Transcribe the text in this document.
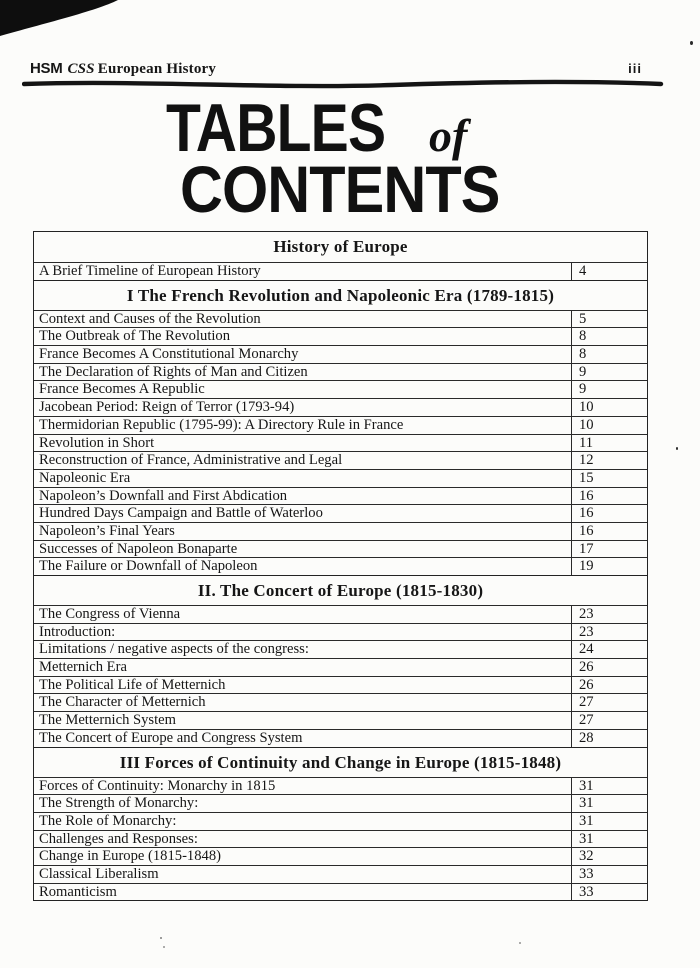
HSM CSS European History	iii
TABLES of
CONTENTS
History of Europe
A Brief Timeline of European History	4
I The French Revolution and Napoleonic Era (1789-1815)
Context and Causes of the Revolution	5
The Outbreak of The Revolution	8
France Becomes A Constitutional Monarchy	8
The Declaration of Rights of Man and Citizen	9
France Becomes A Republic	9
Jacobean Period: Reign of Terror (1793-94)	10
Thermidorian Republic (1795-99): A Directory Rule in France	10
Revolution in Short	11
Reconstruction of France, Administrative and Legal	12
Napoleonic Era	15
Napoleon’s Downfall and First Abdication	16
Hundred Days Campaign and Battle of Waterloo	16
Napoleon’s Final Years	16
Successes of Napoleon Bonaparte	17
The Failure or Downfall of Napoleon	19
II. The Concert of Europe (1815-1830)
The Congress of Vienna	23
Introduction:	23
Limitations / negative aspects of the congress:	24
Metternich Era	26
The Political Life of Metternich	26
The Character of Metternich	27
The Metternich System	27
The Concert of Europe and Congress System	28
III Forces of Continuity and Change in Europe (1815-1848)
Forces of Continuity: Monarchy in 1815	31
The Strength of Monarchy:	31
The Role of Monarchy:	31
Challenges and Responses:	31
Change in Europe (1815-1848)	32
Classical Liberalism	33
Romanticism	33
